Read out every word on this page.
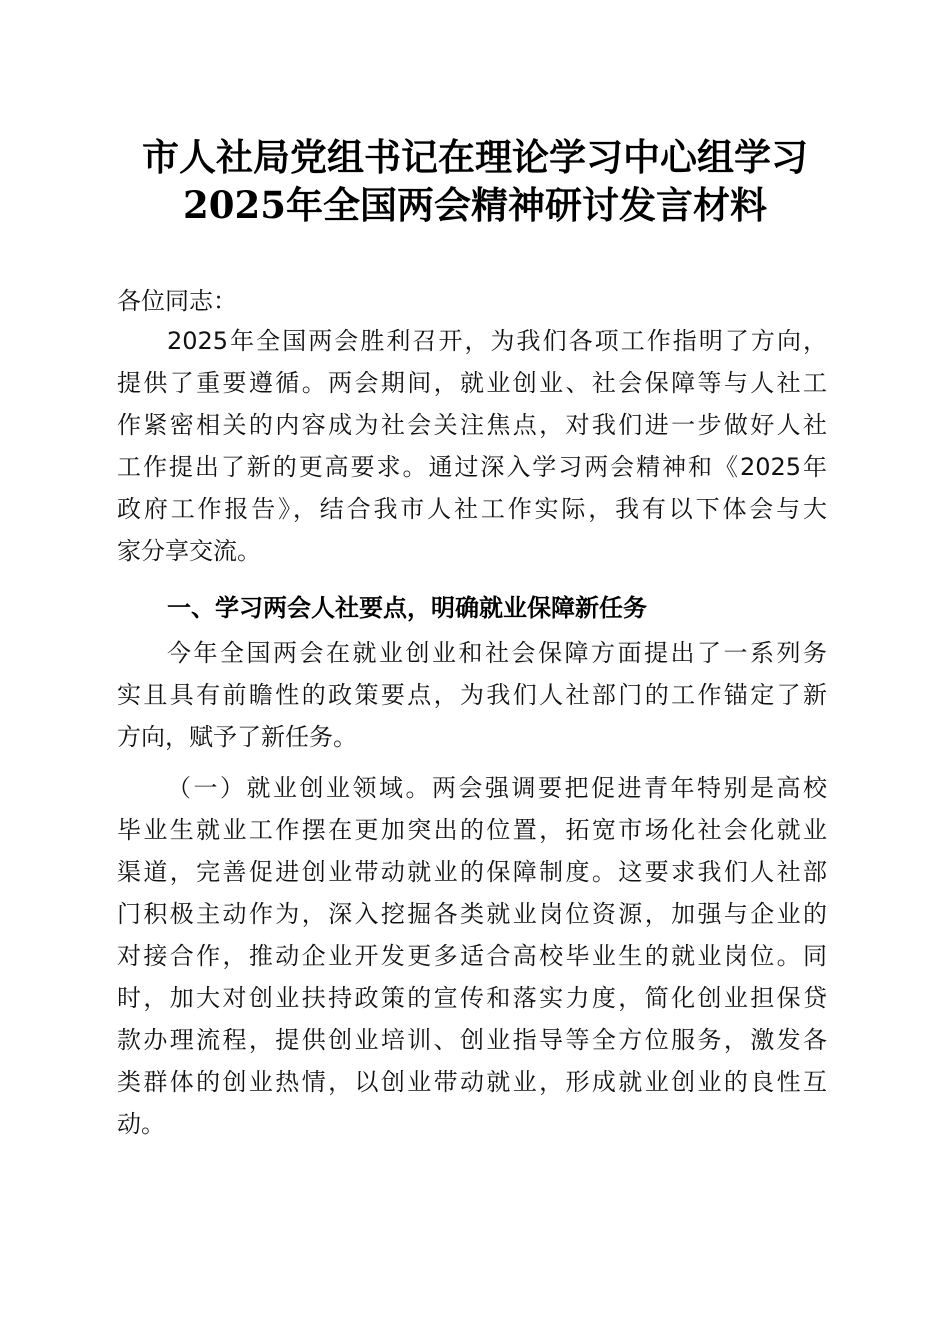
市人社局党组书记在理论学习中心组学习
2025年全国两会精神研讨发言材料
各位同志：
2025年全国两会胜利召开，为我们各项工作指明了方向，
提供了重要遵循。两会期间，就业创业、社会保障等与人社工
作紧密相关的内容成为社会关注焦点，对我们进一步做好人社
工作提出了新的更高要求。通过深入学习两会精神和《2025年
政府工作报告》，结合我市人社工作实际，我有以下体会与大
家分享交流。
一、学习两会人社要点，明确就业保障新任务
今年全国两会在就业创业和社会保障方面提出了一系列务
实且具有前瞻性的政策要点，为我们人社部门的工作锚定了新
方向，赋予了新任务。
（一）就业创业领域。两会强调要把促进青年特别是高校
毕业生就业工作摆在更加突出的位置，拓宽市场化社会化就业
渠道，完善促进创业带动就业的保障制度。这要求我们人社部
门积极主动作为，深入挖掘各类就业岗位资源，加强与企业的
对接合作，推动企业开发更多适合高校毕业生的就业岗位。同
时，加大对创业扶持政策的宣传和落实力度，简化创业担保贷
款办理流程，提供创业培训、创业指导等全方位服务，激发各
类群体的创业热情，以创业带动就业，形成就业创业的良性互
动。
